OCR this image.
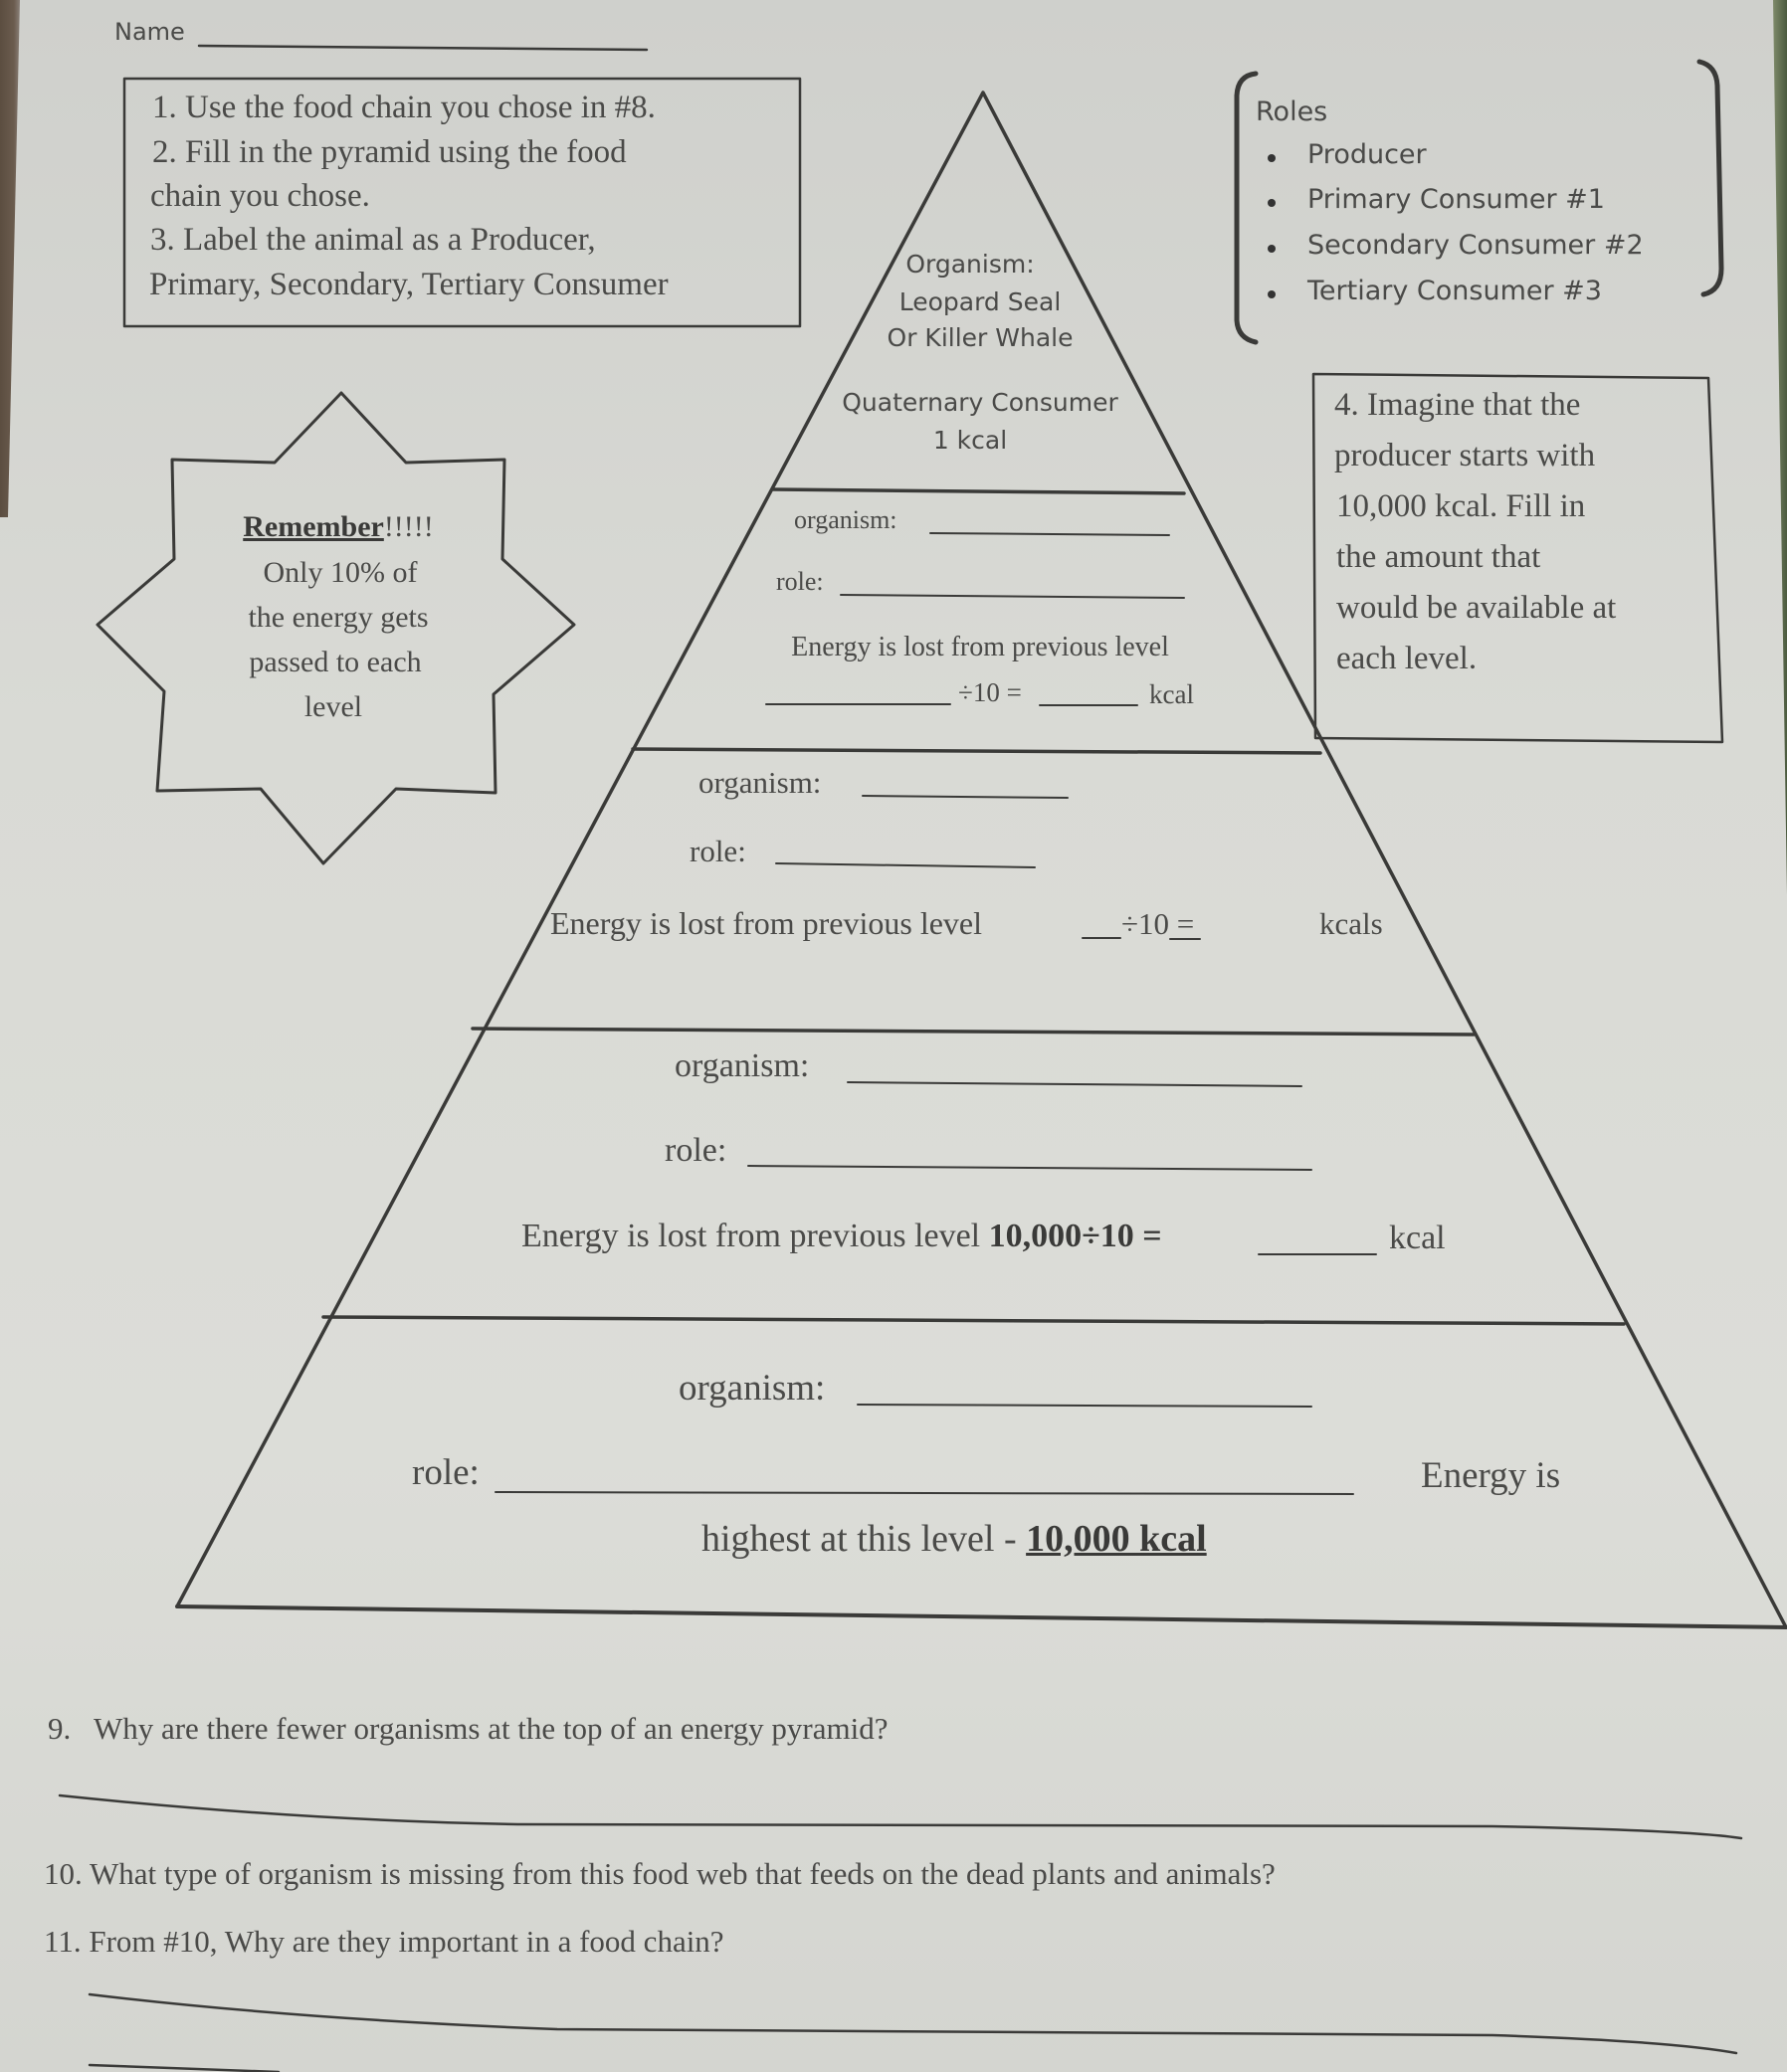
Name
1. Use the food chain you chose in #8.
2. Fill in the pyramid using the food
chain you chose.
3. Label the animal as a Producer,
Primary, Secondary, Tertiary Consumer
Roles
Producer
Primary Consumer #1
Secondary Consumer #2
Tertiary Consumer #3
Remember!!!!!
Only 10% of
the energy gets
passed to each
level
4. Imagine that the
producer starts with
10,000 kcal. Fill in
the amount that
would be available at
each level.
Organism:
Leopard Seal
Or Killer Whale
Quaternary Consumer
1 kcal
organism:
role:
Energy is lost from previous level
÷10 =	kcal
organism:
role:
Energy is lost from previous level	÷10 =	kcals
organism:
role:
Energy is lost from previous level 10,000÷10 =	kcal
organism:
role:	Energy is
highest at this level - 10,000 kcal
9. Why are there fewer organisms at the top of an energy pyramid?
10. What type of organism is missing from this food web that feeds on the dead plants and animals?
11. From #10, Why are they important in a food chain?
